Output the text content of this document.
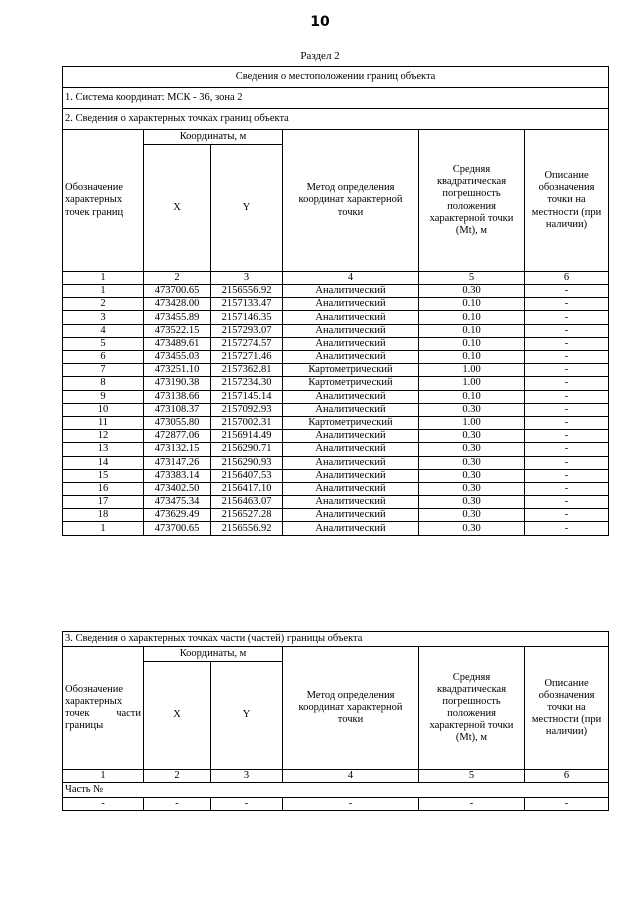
10
Раздел 2
Сведения о местоположении границ объекта					
1. Система координат: МСК - 36, зона 2					
2. Сведения о характерных точках границ объекта					
Обозначение характерных точек границ	Координаты, м		Метод определения координат характерной точки	Средняя квадратическая погрешность положения характерной точки (Mt), м	Описание обозначения точки на местности (при наличии)
	X	Y			
1	2	3	4	5	6
1	473700.65	2156556.92	Аналитический	0.30	-
2	473428.00	2157133.47	Аналитический	0.10	-
3	473455.89	2157146.35	Аналитический	0.10	-
4	473522.15	2157293.07	Аналитический	0.10	-
5	473489.61	2157274.57	Аналитический	0.10	-
6	473455.03	2157271.46	Аналитический	0.10	-
7	473251.10	2157362.81	Картометрический	1.00	-
8	473190.38	2157234.30	Картометрический	1.00	-
9	473138.66	2157145.14	Аналитический	0.10	-
10	473108.37	2157092.93	Аналитический	0.30	-
11	473055.80	2157002.31	Картометрический	1.00	-
12	472877.06	2156914.49	Аналитический	0.30	-
13	473132.15	2156290.71	Аналитический	0.30	-
14	473147.26	2156290.93	Аналитический	0.30	-
15	473383.14	2156407.53	Аналитический	0.30	-
16	473402.50	2156417.10	Аналитический	0.30	-
17	473475.34	2156463.07	Аналитический	0.30	-
18	473629.49	2156527.28	Аналитический	0.30	-
1	473700.65	2156556.92	Аналитический	0.30	-
3. Сведения о характерных точках части (частей) границы объекта					
Обозначение характерных точек части границы	Координаты, м		Метод определения координат характерной точки	Средняя квадратическая погрешность положения характерной точки (Mt), м	Описание обозначения точки на местности (при наличии)
	X	Y			
1	2	3	4	5	6
Часть №					
-	-	-	-	-	-
